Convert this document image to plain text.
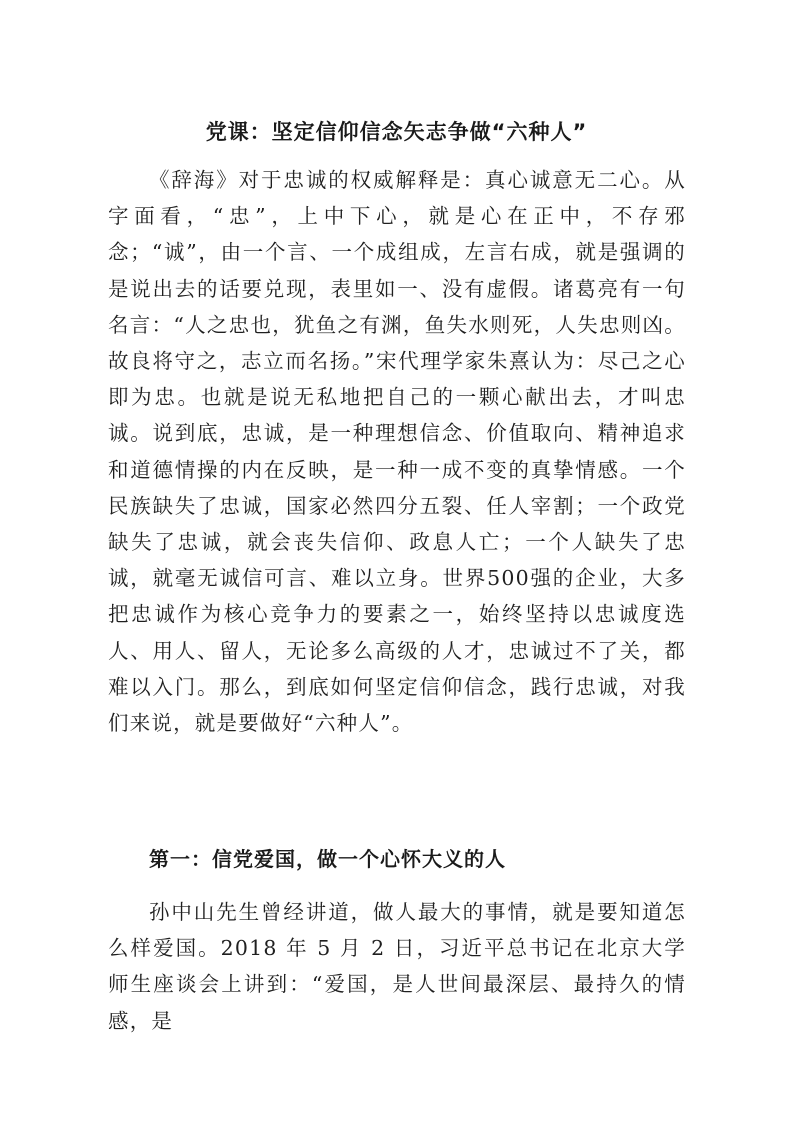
党课：坚定信仰信念矢志争做“六种人”

《辞海》对于忠诚的权威解释是：真心诚意无二心。从字面看，“忠”，上中下心，就是心在正中，不存邪念；“诚”，由一个言、一个成组成，左言右成，就是强调的是说出去的话要兑现，表里如一、没有虚假。诸葛亮有一句名言：“人之忠也，犹鱼之有渊，鱼失水则死，人失忠则凶。故良将守之，志立而名扬。”宋代理学家朱熹认为：尽己之心即为忠。也就是说无私地把自己的一颗心献出去，才叫忠诚。说到底，忠诚，是一种理想信念、价值取向、精神追求和道德情操的内在反映，是一种一成不变的真挚情感。一个民族缺失了忠诚，国家必然四分五裂、任人宰割；一个政党缺失了忠诚，就会丧失信仰、政息人亡；一个人缺失了忠诚，就毫无诚信可言、难以立身。世界500强的企业，大多把忠诚作为核心竞争力的要素之一，始终坚持以忠诚度选人、用人、留人，无论多么高级的人才，忠诚过不了关，都难以入门。那么，到底如何坚定信仰信念，践行忠诚，对我们来说，就是要做好“六种人”。

第一：信党爱国，做一个心怀大义的人

孙中山先生曾经讲道，做人最大的事情，就是要知道怎么样爱国。2018 年 5 月 2 日，习近平总书记在北京大学师生座谈会上讲到：“爱国，是人世间最深层、最持久的情感，是
